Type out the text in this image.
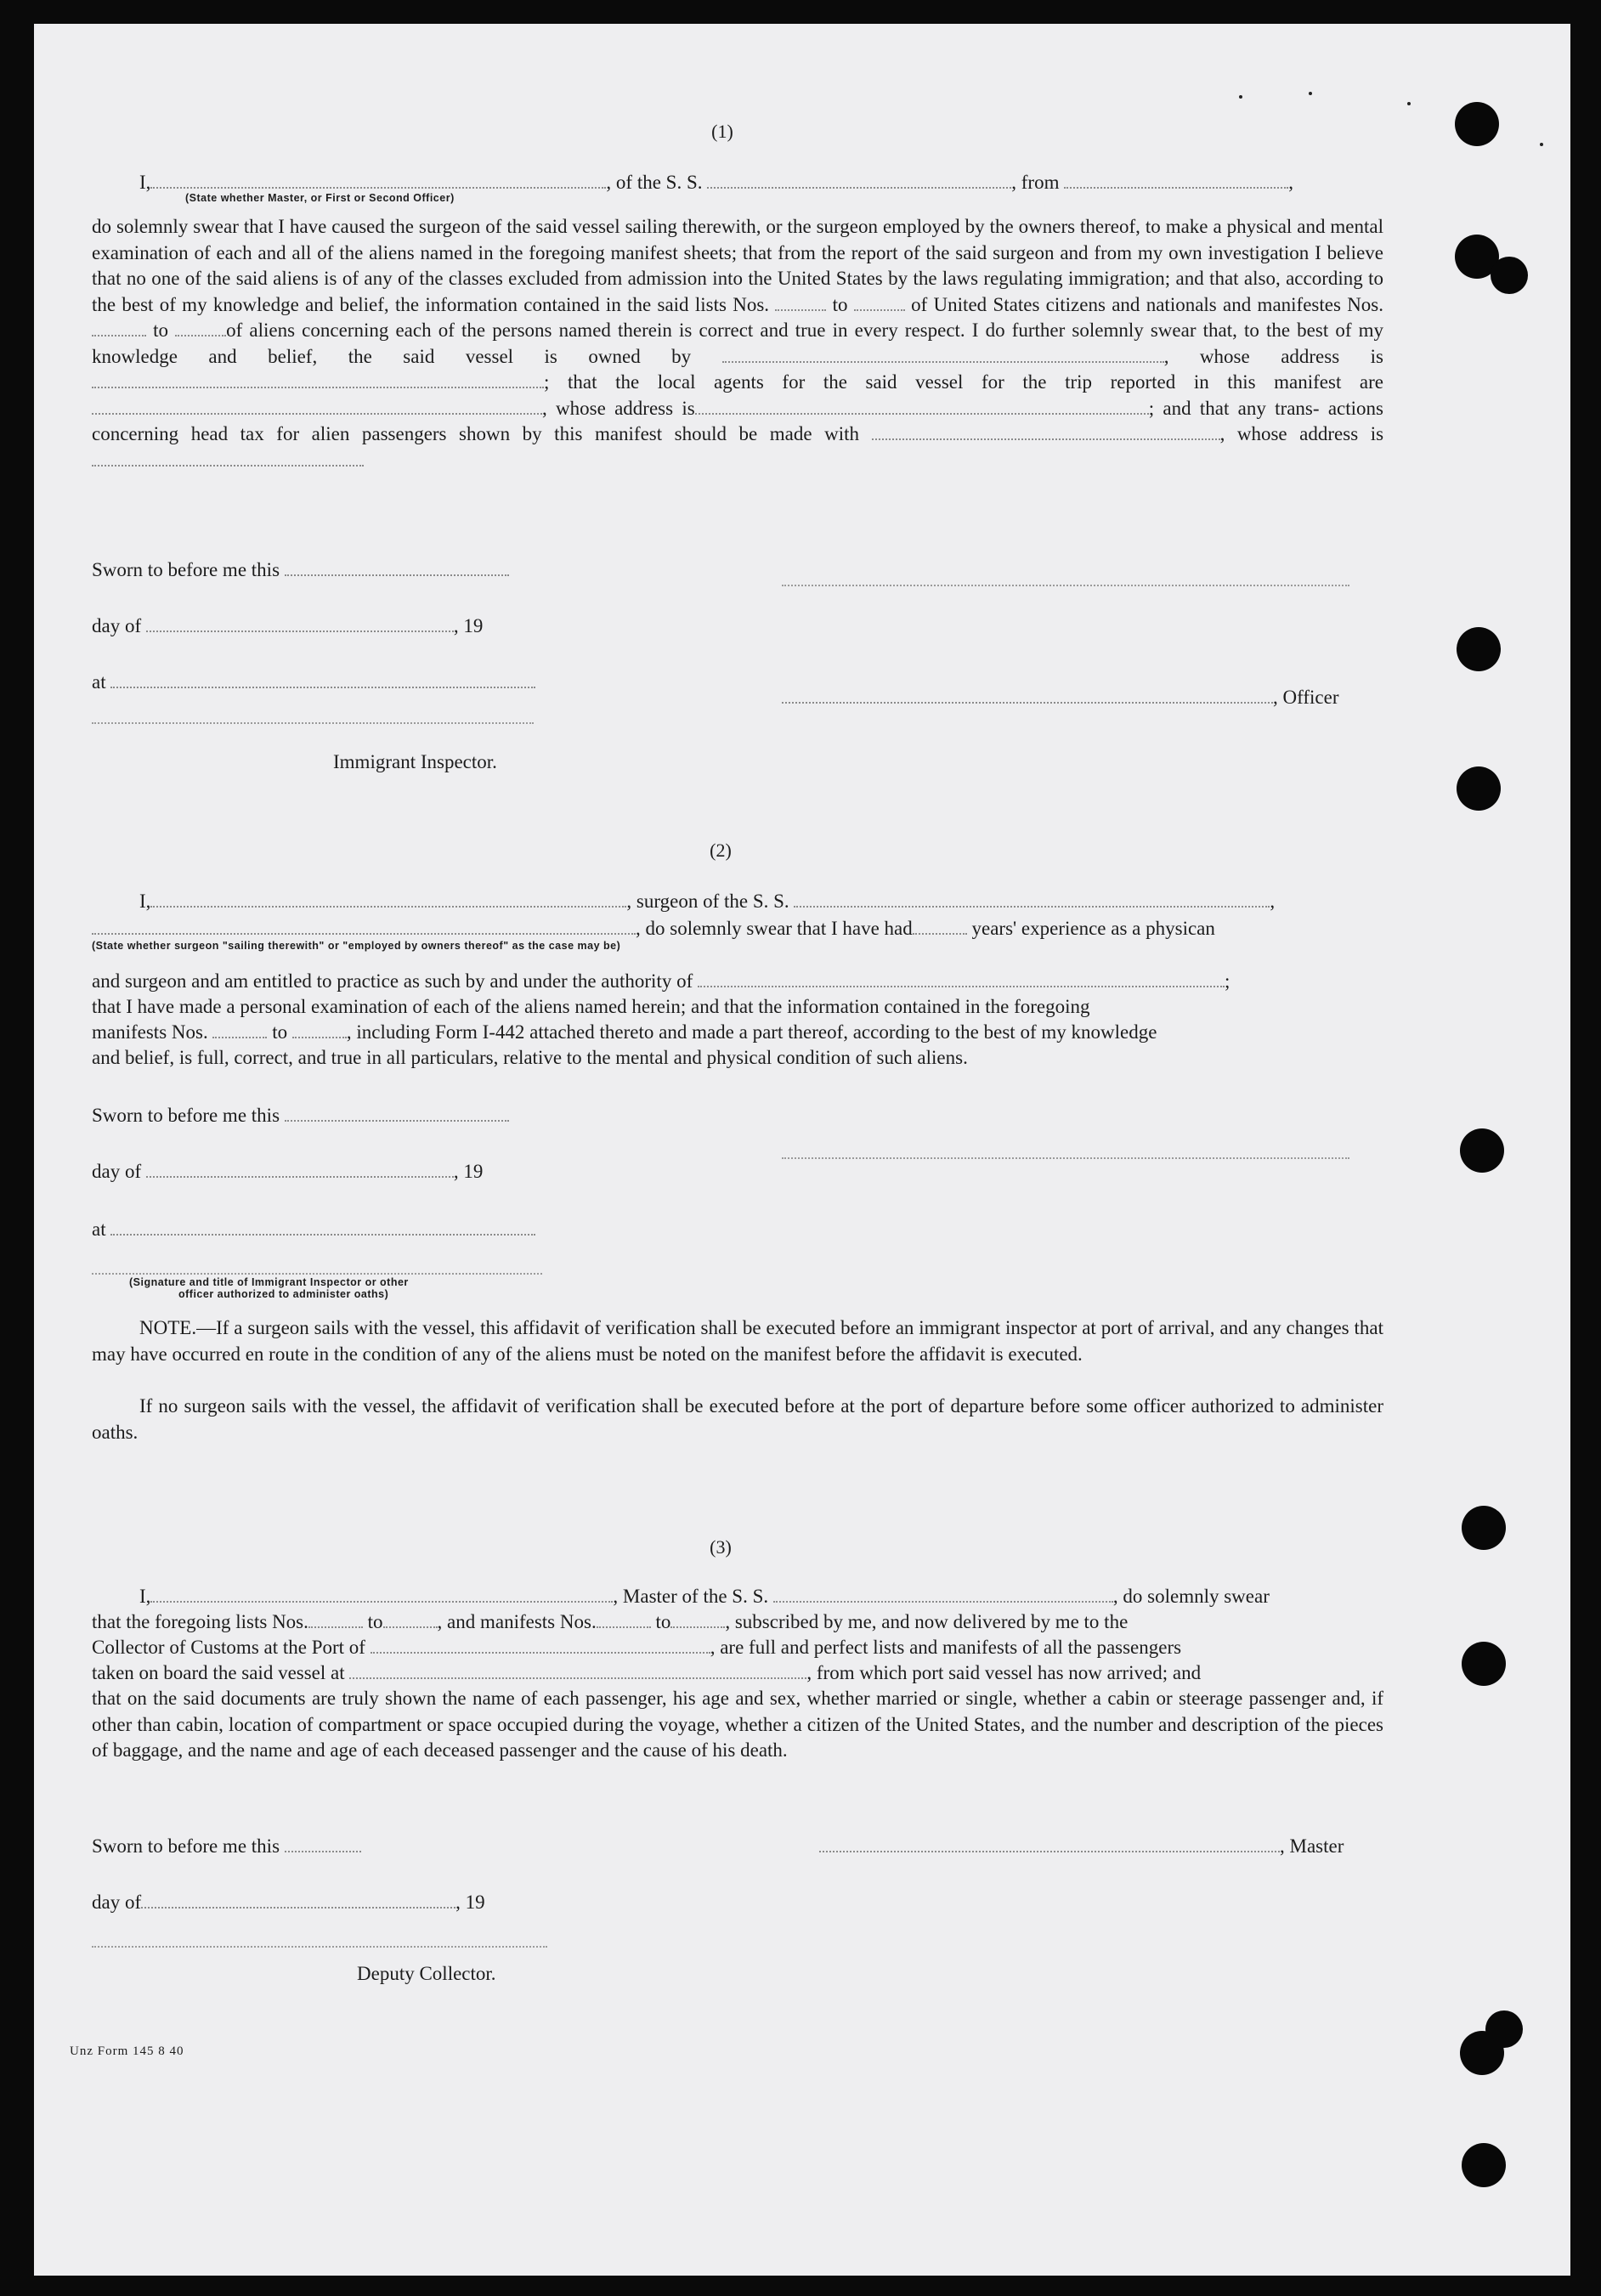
(1)
I,	, of the S. S.	, from	,
(State whether Master, or First or Second Officer)
do solemnly swear that I have caused the surgeon of the said vessel sailing therewith, or the surgeon employed by the owners thereof, to make a physical and mental examination of each and all of the aliens named in the foregoing manifest sheets; that from the report of the said surgeon and from my own investigation I believe that no one of the said aliens is of any of the classes excluded from admission into the United States by the laws regulating immigration; and that also, according to the best of my knowledge and belief, the information contained in the said lists Nos.	to	of United States citizens and nationals and manifestes Nos.  to	of aliens concerning each of the persons named therein is correct and true in every respect. I do further solemnly swear that, to the best of my knowledge and belief, the said vessel is owned by	, whose address is ; that the local agents for the said vessel for the trip reported in this manifest are , whose address is	; and that any trans- actions concerning head tax for alien passengers shown by this manifest should be made with	, whose address is
Sworn to before me this
day of	, 19
at
, Officer
Immigrant Inspector.
(2)
I,	, surgeon of the S. S.	,
, do solemnly swear that I have had	years' experience as a physican
(State whether surgeon "sailing therewith" or "employed by owners thereof" as the case may be)
and surgeon and am entitled to practice as such by and under the authority of	;
that I have made a personal examination of each of the aliens named herein; and that the information contained in the foregoing
manifests Nos.	to	, including Form I-442 attached thereto and made a part thereof, according to the best of my knowledge
and belief, is full, correct, and true in all particulars, relative to the mental and physical condition of such aliens.
Sworn to before me this
day of	, 19
at
(Signature and title of Immigrant Inspector or other
officer authorized to administer oaths)
NOTE.—If a surgeon sails with the vessel, this affidavit of verification shall be executed before an immigrant inspector at port of arrival, and any changes that may have occurred en route in the condition of any of the aliens must be noted on the manifest before the affidavit is executed.
If no surgeon sails with the vessel, the affidavit of verification shall be executed before at the port of departure before some officer authorized to administer oaths.
(3)
I,	, Master of the S. S.	, do solemnly swear
that the foregoing lists Nos.	to	, and manifests Nos.	to	, subscribed by me, and now delivered by me to the
Collector of Customs at the Port of	, are full and perfect lists and manifests of all the passengers
taken on board the said vessel at	, from which port said vessel has now arrived; and
that on the said documents are truly shown the name of each passenger, his age and sex, whether married or single, whether a cabin or steerage passenger and, if other than cabin, location of compartment or space occupied during the voyage, whether a citizen of the United States, and the number and description of the pieces of baggage, and the name and age of each deceased passenger and the cause of his death.
Sworn to before me this	, Master
day of	, 19
Deputy Collector.
Unz Form 145 8 40
